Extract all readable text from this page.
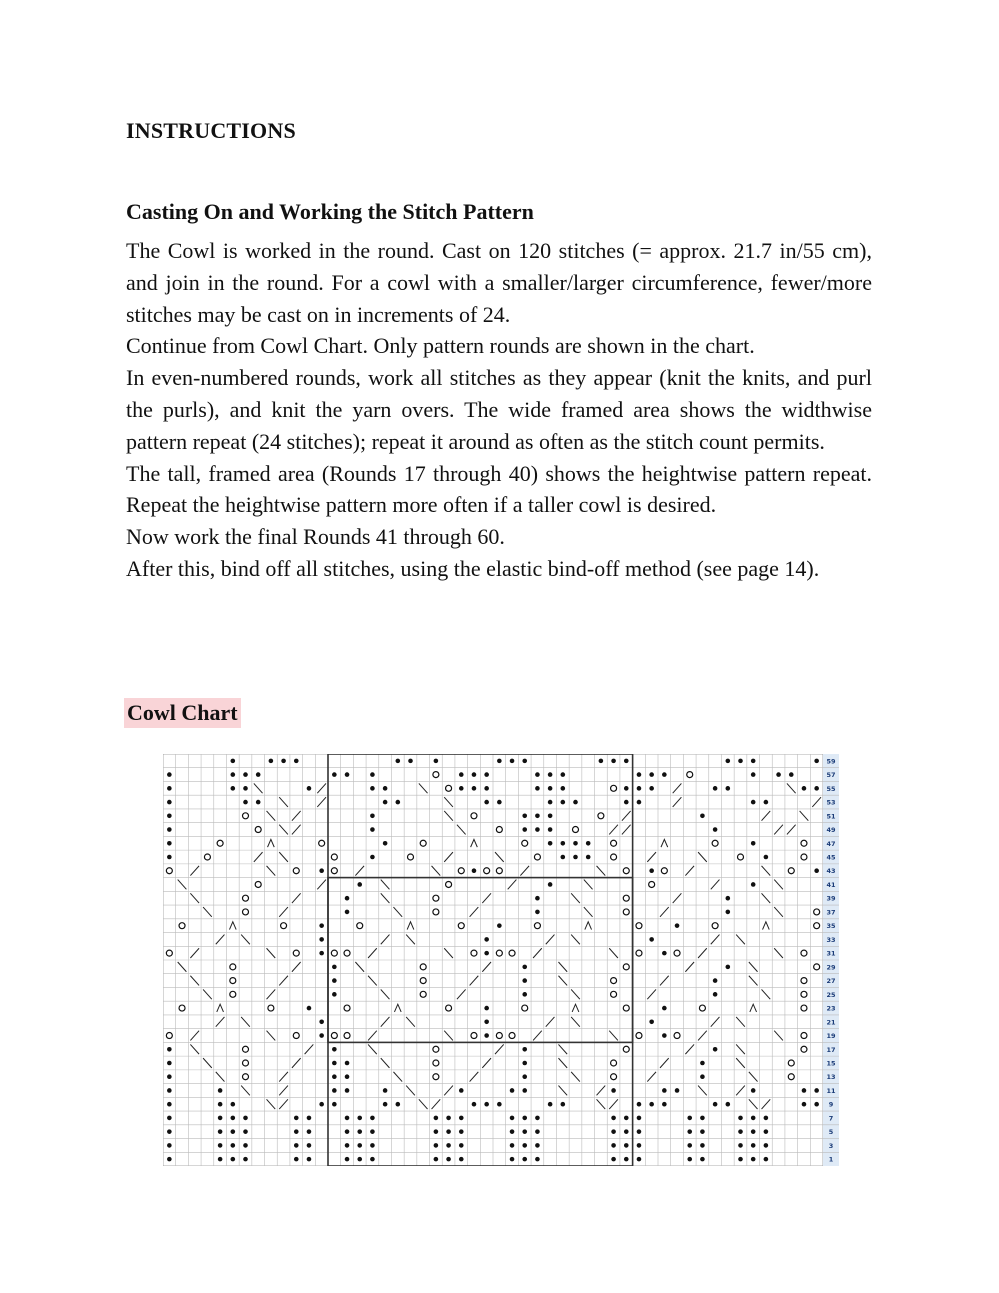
INSTRUCTIONS
Casting On and Working the Stitch Pattern

The Cowl is worked in the round. Cast on 120 stitches (= approx. 21.7 in/55 cm), and join in the round. For a cowl with a smaller/larger circumference, fewer/more stitches may be cast on in increments of 24.

Continue from Cowl Chart. Only pattern rounds are shown in the chart.

In even-numbered rounds, work all stitches as they appear (knit the knits, and purl the purls), and knit the yarn overs. The wide framed area shows the widthwise pattern repeat (24 stitches); repeat it around as often as the stitch count permits.

The tall, framed area (Rounds 17 through 40) shows the heightwise pattern repeat. Repeat the heightwise pattern more often if a taller cowl is desired.

Now work the final Rounds 41 through 60.

After this, bind off all stitches, using the elastic bind-off method (see page 14).

Cowl Chart
59
57
55
53
51
49
47
45
43
41
39
37
35
33
31
29
27
25
23
21
19
17
15
13
11
9
7
5
3
1
